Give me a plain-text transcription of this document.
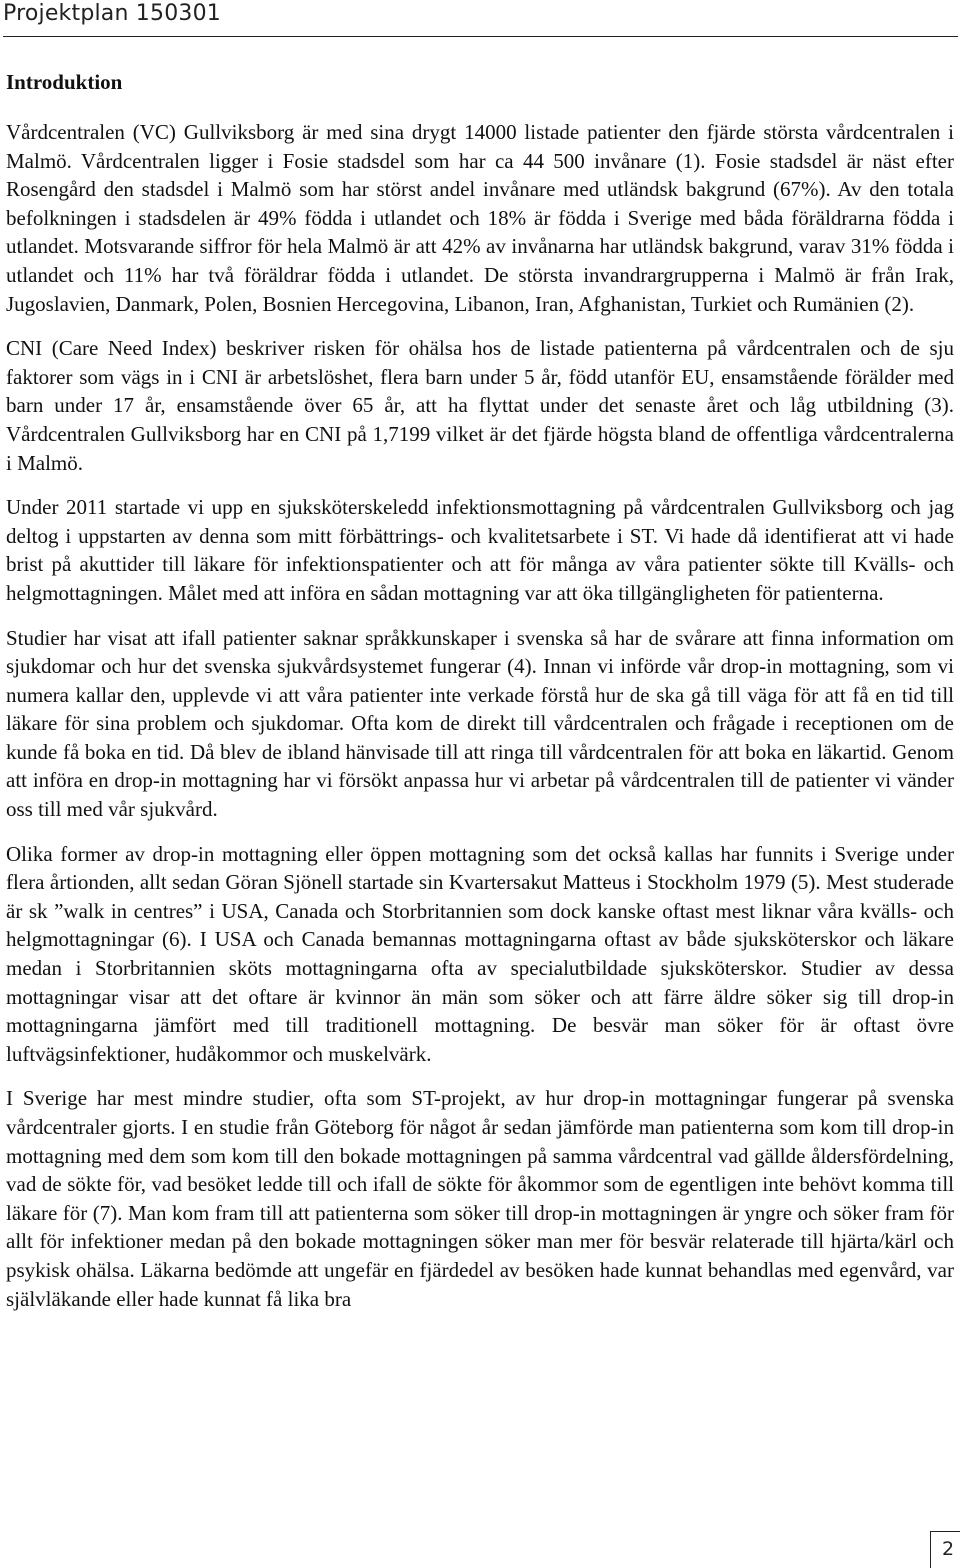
Projektplan 150301
Introduktion

Vårdcentralen (VC) Gullviksborg är med sina drygt 14000 listade patienter den fjärde största vårdcentralen i Malmö. Vårdcentralen ligger i Fosie stadsdel som har ca 44 500 invånare (1). Fosie stadsdel är näst efter Rosengård den stadsdel i Malmö som har störst andel invånare med utländsk bakgrund (67%). Av den totala befolkningen i stadsdelen är 49% födda i utlandet och 18% är födda i Sverige med båda föräldrarna födda i utlandet. Motsvarande siffror för hela Malmö är att 42% av invånarna har utländsk bakgrund, varav 31% födda i utlandet och 11% har två föräldrar födda i utlandet. De största invandrargrupperna i Malmö är från Irak, Jugoslavien, Danmark, Polen, Bosnien Hercegovina, Libanon, Iran, Afghanistan, Turkiet och Rumänien (2).

CNI (Care Need Index) beskriver risken för ohälsa hos de listade patienterna på vårdcentralen och de sju faktorer som vägs in i CNI är arbetslöshet, flera barn under 5 år, född utanför EU, ensamstående förälder med barn under 17 år, ensamstående över 65 år, att ha flyttat under det senaste året och låg utbildning (3). Vårdcentralen Gullviksborg har en CNI på 1,7199 vilket är det fjärde högsta bland de offentliga vårdcentralerna i Malmö.

Under 2011 startade vi upp en sjuksköterskeledd infektionsmottagning på vårdcentralen Gullviksborg och jag deltog i uppstarten av denna som mitt förbättrings- och kvalitetsarbete i ST. Vi hade då identifierat att vi hade brist på akuttider till läkare för infektionspatienter och att för många av våra patienter sökte till Kvälls- och helgmottagningen. Målet med att införa en sådan mottagning var att öka tillgängligheten för patienterna.

Studier har visat att ifall patienter saknar språkkunskaper i svenska så har de svårare att finna information om sjukdomar och hur det svenska sjukvårdsystemet fungerar (4). Innan vi införde vår drop-in mottagning, som vi numera kallar den, upplevde vi att våra patienter inte verkade förstå hur de ska gå till väga för att få en tid till läkare för sina problem och sjukdomar. Ofta kom de direkt till vårdcentralen och frågade i receptionen om de kunde få boka en tid. Då blev de ibland hänvisade till att ringa till vårdcentralen för att boka en läkartid. Genom att införa en drop-in mottagning har vi försökt anpassa hur vi arbetar på vårdcentralen till de patienter vi vänder oss till med vår sjukvård.

Olika former av drop-in mottagning eller öppen mottagning som det också kallas har funnits i Sverige under flera årtionden, allt sedan Göran Sjönell startade sin Kvartersakut Matteus i Stockholm 1979 (5). Mest studerade är sk ”walk in centres” i USA, Canada och Storbritannien som dock kanske oftast mest liknar våra kvälls- och helgmottagningar (6). I USA och Canada bemannas mottagningarna oftast av både sjuksköterskor och läkare medan i Storbritannien sköts mottagningarna ofta av specialutbildade sjuksköterskor. Studier av dessa mottagningar visar att det oftare är kvinnor än män som söker och att färre äldre söker sig till drop-in mottagningarna jämfört med till traditionell mottagning. De besvär man söker för är oftast övre luftvägsinfektioner, hudåkommor och muskelvärk.

I Sverige har mest mindre studier, ofta som ST-projekt, av hur drop-in mottagningar fungerar på svenska vårdcentraler gjorts. I en studie från Göteborg för något år sedan jämförde man patienterna som kom till drop-in mottagning med dem som kom till den bokade mottagningen på samma vårdcentral vad gällde åldersfördelning, vad de sökte för, vad besöket ledde till och ifall de sökte för åkommor som de egentligen inte behövt komma till läkare för (7). Man kom fram till att patienterna som söker till drop-in mottagningen är yngre och söker fram för allt för infektioner medan på den bokade mottagningen söker man mer för besvär relaterade till hjärta/kärl och psykisk ohälsa. Läkarna bedömde att ungefär en fjärdedel av besöken hade kunnat behandlas med egenvård, var självläkande eller hade kunnat få lika bra

2
